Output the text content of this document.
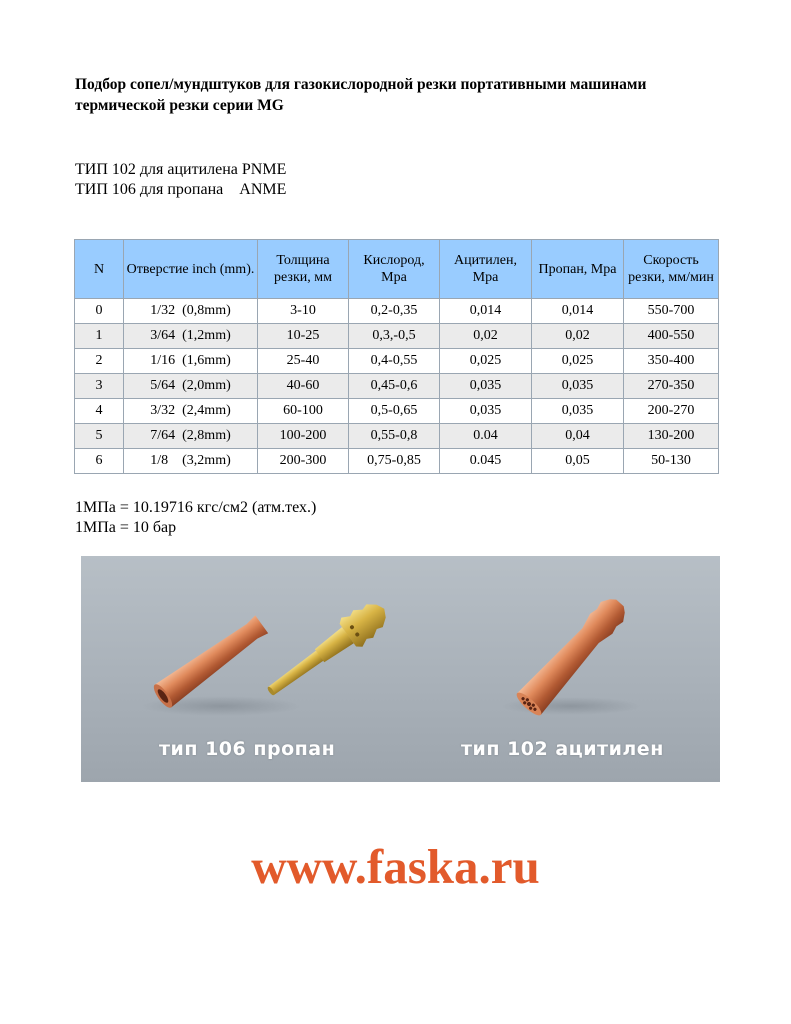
Подбор сопел/мундштуков для газокислородной резки портативными машинами термической резки серии MG
ТИП 102 для ацитилена PNME
ТИП 106 для пропана    ANME
N	Отверстие inch (mm).	Толщина резки, мм	Кислород, Mpa	Ацитилен, Mpa	Пропан, Mpa	Скорость резки, мм/мин
0	1/32  (0,8mm)	3-10	0,2-0,35	0,014	0,014	550-700
1	3/64  (1,2mm)	10-25	0,3,-0,5	0,02	0,02	400-550
2	1/16  (1,6mm)	25-40	0,4-0,55	0,025	0,025	350-400
3	5/64  (2,0mm)	40-60	0,45-0,6	0,035	0,035	270-350
4	3/32  (2,4mm)	60-100	0,5-0,65	0,035	0,035	200-270
5	7/64  (2,8mm)	100-200	0,55-0,8	0.04	0,04	130-200
6	1/8    (3,2mm)	200-300	0,75-0,85	0.045	0,05	50-130
1МПа = 10.19716 кгс/см2 (атм.тех.)
1МПа = 10 бар
тип 106 пропан	тип 102 ацитилен
www.faska.ru
